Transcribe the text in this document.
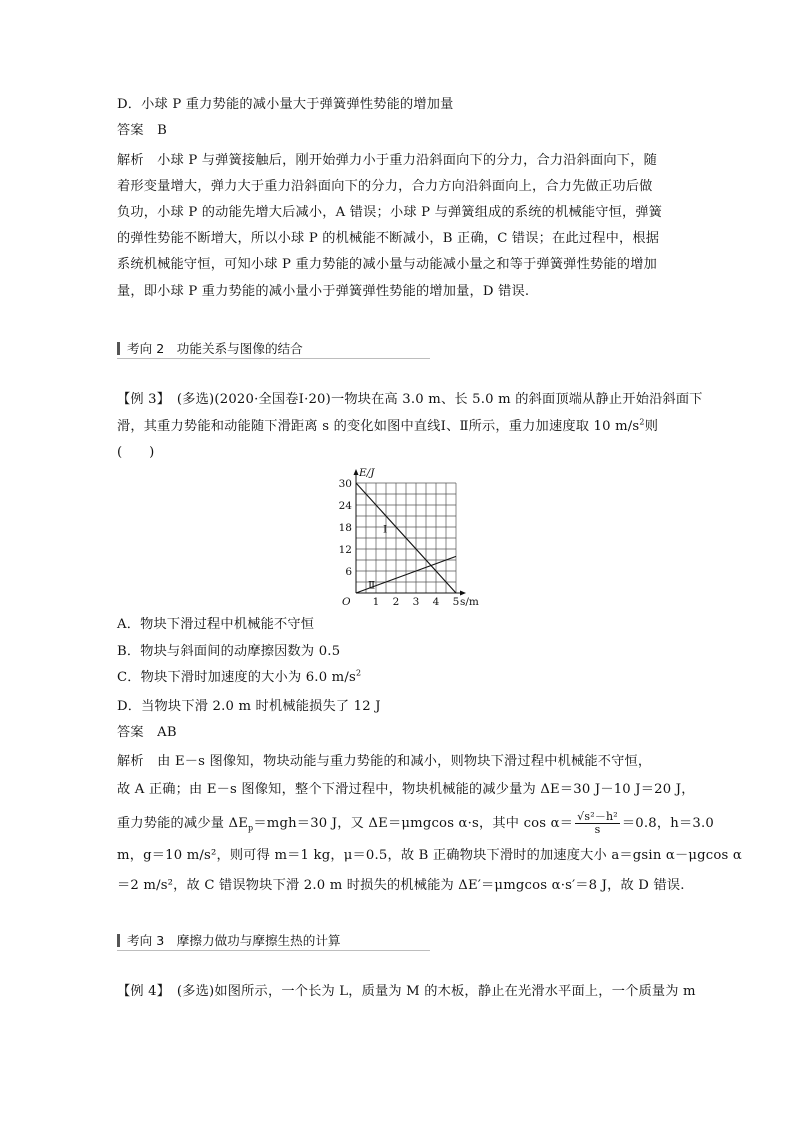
D．小球 P 重力势能的减小量大于弹簧弹性势能的增加量
答案　B
解析　小球 P 与弹簧接触后，刚开始弹力小于重力沿斜面向下的分力，合力沿斜面向下，随
着形变量增大，弹力大于重力沿斜面向下的分力，合力方向沿斜面向上，合力先做正功后做
负功，小球 P 的动能先增大后减小，A 错误；小球 P 与弹簧组成的系统的机械能守恒，弹簧
的弹性势能不断增大，所以小球 P 的机械能不断减小，B 正确，C 错误；在此过程中，根据
系统机械能守恒，可知小球 P 重力势能的减小量与动能减小量之和等于弹簧弹性势能的增加
量，即小球 P 重力势能的减小量小于弹簧弹性势能的增加量，D 错误.
考向 2　功能关系与图像的结合
【例 3】　(多选)(2020·全国卷Ⅰ·20)一物块在高 3.0 m、长 5.0 m 的斜面顶端从静止开始沿斜面下
滑，其重力势能和动能随下滑距离 s 的变化如图中直线Ⅰ、Ⅱ所示，重力加速度取 10 $m/s^2$则
(　　)
Ⅰ
Ⅱ
1 2 3 4 5
6
12
18
24
30
O
E/J
s/m
A．物块下滑过程中机械能不守恒
B．物块与斜面间的动摩擦因数为 0.5
C．物块下滑时加速度的大小为 6.0 $m/s^2$
D．当物块下滑 2.0 m 时机械能损失了 12 J
答案　AB
解析　由 E－s 图像知，物块动能与重力势能的和减小，则物块下滑过程中机械能不守恒，
故 A 正确；由 E－s 图像知，整个下滑过程中，物块机械能的减少量为 ΔE＝30 J－10 J＝20 J，
重力势能的减少量 $\Delta E_p=mgh=30$ J，又 ΔE＝μmgcos α·s，其中 $\cos \alpha= \frac{\text{√s²－h²}}{s} =0.8$，h＝3.0
m，g＝10 m/s²，则可得 m＝1 kg，μ＝0.5，故 B 正确物块下滑时的加速度大小 a＝gsin α－μgcos α
＝2 m/s²，故 C 错误物块下滑 2.0 m 时损失的机械能为 ΔE′＝μmgcos α·s′＝8 J，故 D 错误.
考向 3　摩擦力做功与摩擦生热的计算
【例 4】　(多选)如图所示，一个长为 L，质量为 M 的木板，静止在光滑水平面上，一个质量为 m
